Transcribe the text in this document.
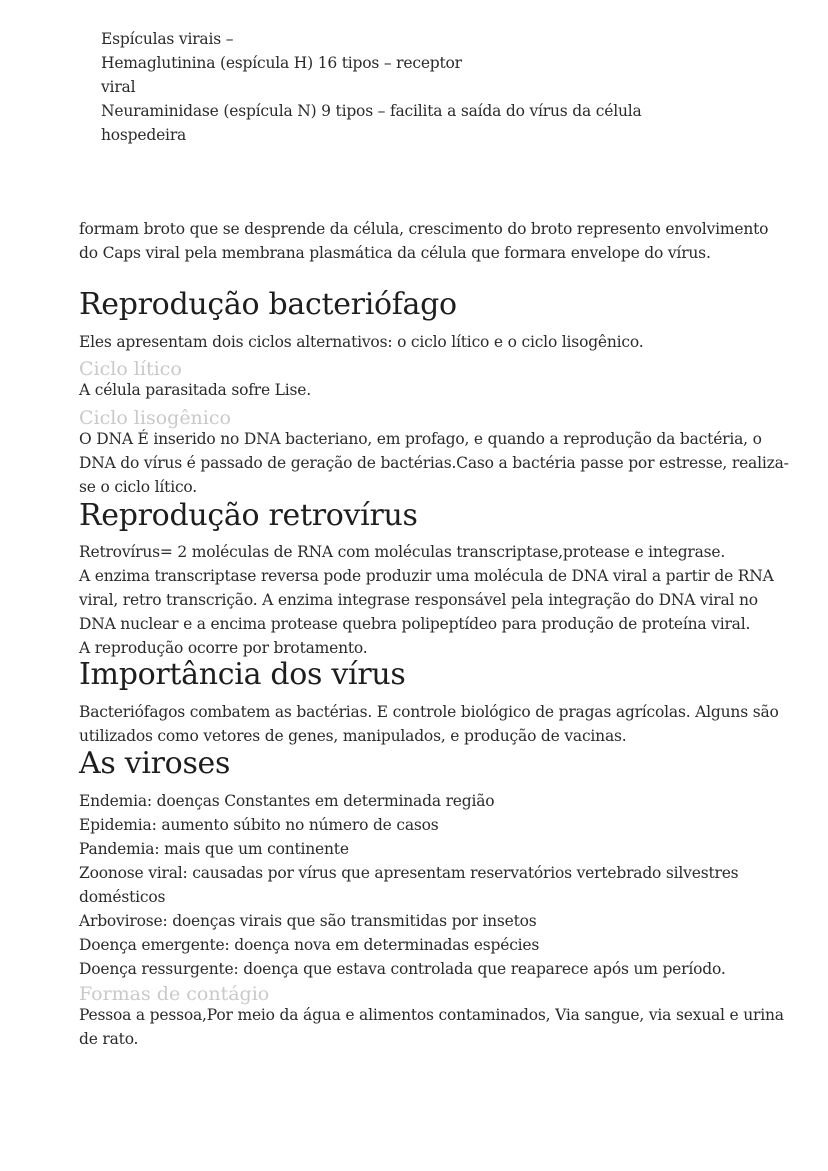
Espículas virais –
Hemaglutinina (espícula H) 16 tipos – receptor
viral
Neuraminidase (espícula N) 9 tipos – facilita a saída do vírus da célula
hospedeira
formam broto que se desprende da célula, crescimento do broto represento envolvimento
do Caps viral pela membrana plasmática da célula que formara envelope do vírus.
Reprodução bacteriófago
Eles apresentam dois ciclos alternativos: o ciclo lítico e o ciclo lisogênico.
Ciclo lítico
A célula parasitada sofre Lise.
Ciclo lisogênico
O DNA É inserido no DNA bacteriano, em profago, e quando a reprodução da bactéria, o
DNA do vírus é passado de geração de bactérias.Caso a bactéria passe por estresse, realiza-
se o ciclo lítico.
Reprodução retrovírus
Retrovírus= 2 moléculas de RNA com moléculas transcriptase,protease e integrase.
A enzima transcriptase reversa pode produzir uma molécula de DNA viral a partir de RNA
viral, retro transcrição. A enzima integrase responsável pela integração do DNA viral no
DNA nuclear e a encima protease quebra polipeptídeo para produção de proteína viral.
A reprodução ocorre por brotamento.
Importância dos vírus
Bacteriófagos combatem as bactérias. E controle biológico de pragas agrícolas. Alguns são
utilizados como vetores de genes, manipulados, e produção de vacinas.
As viroses
Endemia: doenças Constantes em determinada região
Epidemia: aumento súbito no número de casos
Pandemia: mais que um continente
Zoonose viral: causadas por vírus que apresentam reservatórios vertebrado silvestres
domésticos
Arbovirose: doenças virais que são transmitidas por insetos
Doença emergente: doença nova em determinadas espécies
Doença ressurgente: doença que estava controlada que reaparece após um período.
Formas de contágio
Pessoa a pessoa,Por meio da água e alimentos contaminados, Via sangue, via sexual e urina
de rato.
